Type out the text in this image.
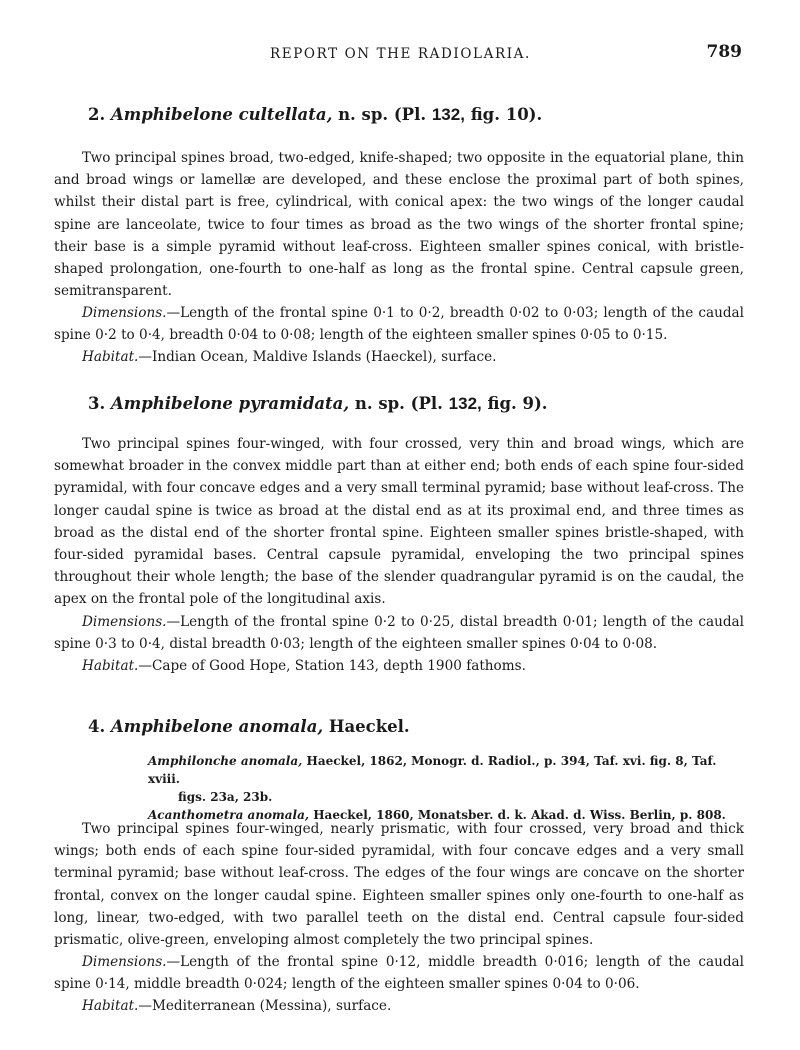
REPORT ON THE RADIOLARIA.	789
2. Amphibelone cultellata, n. sp. (Pl. 132, fig. 10).

Two principal spines broad, two-edged, knife-shaped; two opposite in the equatorial plane, thin and broad wings or lamellæ are developed, and these enclose the proximal part of both spines, whilst their distal part is free, cylindrical, with conical apex: the two wings of the longer caudal spine are lanceolate, twice to four times as broad as the two wings of the shorter frontal spine; their base is a simple pyramid without leaf-cross. Eighteen smaller spines conical, with bristle-shaped prolongation, one-fourth to one-half as long as the frontal spine. Central capsule green, semitransparent.

Dimensions.—Length of the frontal spine 0·1 to 0·2, breadth 0·02 to 0·03; length of the caudal spine 0·2 to 0·4, breadth 0·04 to 0·08; length of the eighteen smaller spines 0·05 to 0·15.

Habitat.—Indian Ocean, Maldive Islands (Haeckel), surface.

3. Amphibelone pyramidata, n. sp. (Pl. 132, fig. 9).

Two principal spines four-winged, with four crossed, very thin and broad wings, which are somewhat broader in the convex middle part than at either end; both ends of each spine four-sided pyramidal, with four concave edges and a very small terminal pyramid; base without leaf-cross. The longer caudal spine is twice as broad at the distal end as at its proximal end, and three times as broad as the distal end of the shorter frontal spine. Eighteen smaller spines bristle-shaped, with four-sided pyramidal bases. Central capsule pyramidal, enveloping the two principal spines throughout their whole length; the base of the slender quadrangular pyramid is on the caudal, the apex on the frontal pole of the longitudinal axis.

Dimensions.—Length of the frontal spine 0·2 to 0·25, distal breadth 0·01; length of the caudal spine 0·3 to 0·4, distal breadth 0·03; length of the eighteen smaller spines 0·04 to 0·08.

Habitat.—Cape of Good Hope, Station 143, depth 1900 fathoms.

4. Amphibelone anomala, Haeckel.
Amphilonche anomala, Haeckel, 1862, Monogr. d. Radiol., p. 394, Taf. xvi. fig. 8, Taf. xviii.
figs. 23a, 23b.
Acanthometra anomala, Haeckel, 1860, Monatsber. d. k. Akad. d. Wiss. Berlin, p. 808.

Two principal spines four-winged, nearly prismatic, with four crossed, very broad and thick wings; both ends of each spine four-sided pyramidal, with four concave edges and a very small terminal pyramid; base without leaf-cross. The edges of the four wings are concave on the shorter frontal, convex on the longer caudal spine. Eighteen smaller spines only one-fourth to one-half as long, linear, two-edged, with two parallel teeth on the distal end. Central capsule four-sided prismatic, olive-green, enveloping almost completely the two principal spines.

Dimensions.—Length of the frontal spine 0·12, middle breadth 0·016; length of the caudal spine 0·14, middle breadth 0·024; length of the eighteen smaller spines 0·04 to 0·06.

Habitat.—Mediterranean (Messina), surface.
